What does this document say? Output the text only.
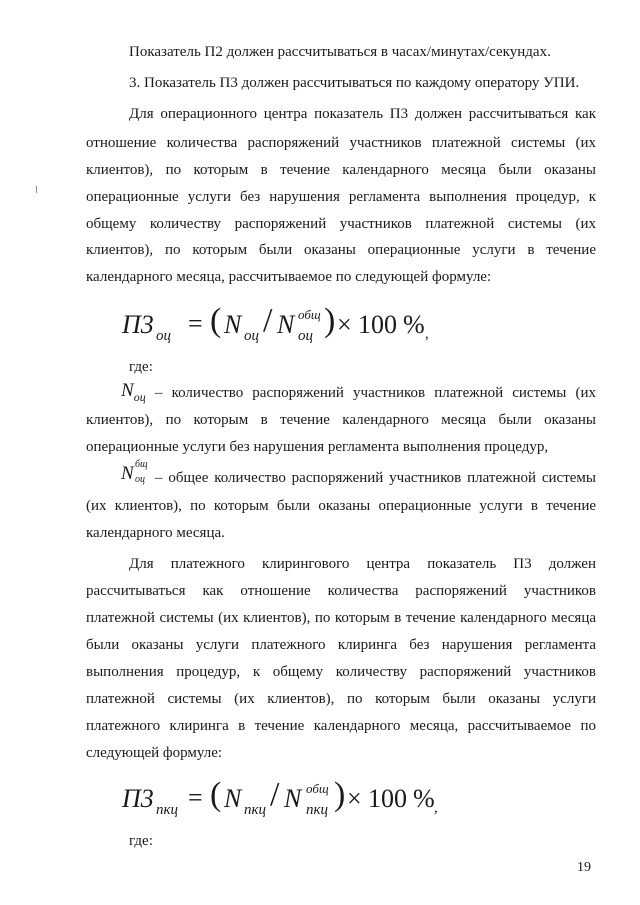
Показатель П2 должен рассчитываться в часах/минутах/секундах.
3. Показатель П3 должен рассчитываться по каждому оператору УПИ.
Для операционного центра показатель П3 должен рассчитываться как
отношение количества распоряжений участников платежной системы (их
клиентов), по которым в течение календарного месяца были оказаны
операционные услуги без нарушения регламента выполнения процедур, к
общему количеству распоряжений участников платежной системы (их
клиентов), по которым были оказаны операционные услуги в течение
календарного месяца, рассчитываемое по следующей формуле:
П3 оц = ( N оц / N общ
оц ) × 100 % ,
где:
$N_{оц}$ – количество распоряжений участников платежной системы (их
клиентов), по которым в течение календарного месяца были оказаны
операционные услуги без нарушения регламента выполнения процедур,
N бщ
оц – общее количество распоряжений участников платежной системы
(их клиентов), по которым были оказаны операционные услуги в течение
календарного месяца.
Для платежного клирингового центра показатель П3 должен
рассчитываться как отношение количества распоряжений участников
платежной системы (их клиентов), по которым в течение календарного месяца
были оказаны услуги платежного клиринга без нарушения регламента
выполнения процедур, к общему количеству распоряжений участников
платежной системы (их клиентов), по которым были оказаны услуги
платежного клиринга в течение календарного месяца, рассчитываемое по
следующей формуле:
П3 пкц = ( N пкц / N общ
пкц ) × 100 % ,
где:
19
